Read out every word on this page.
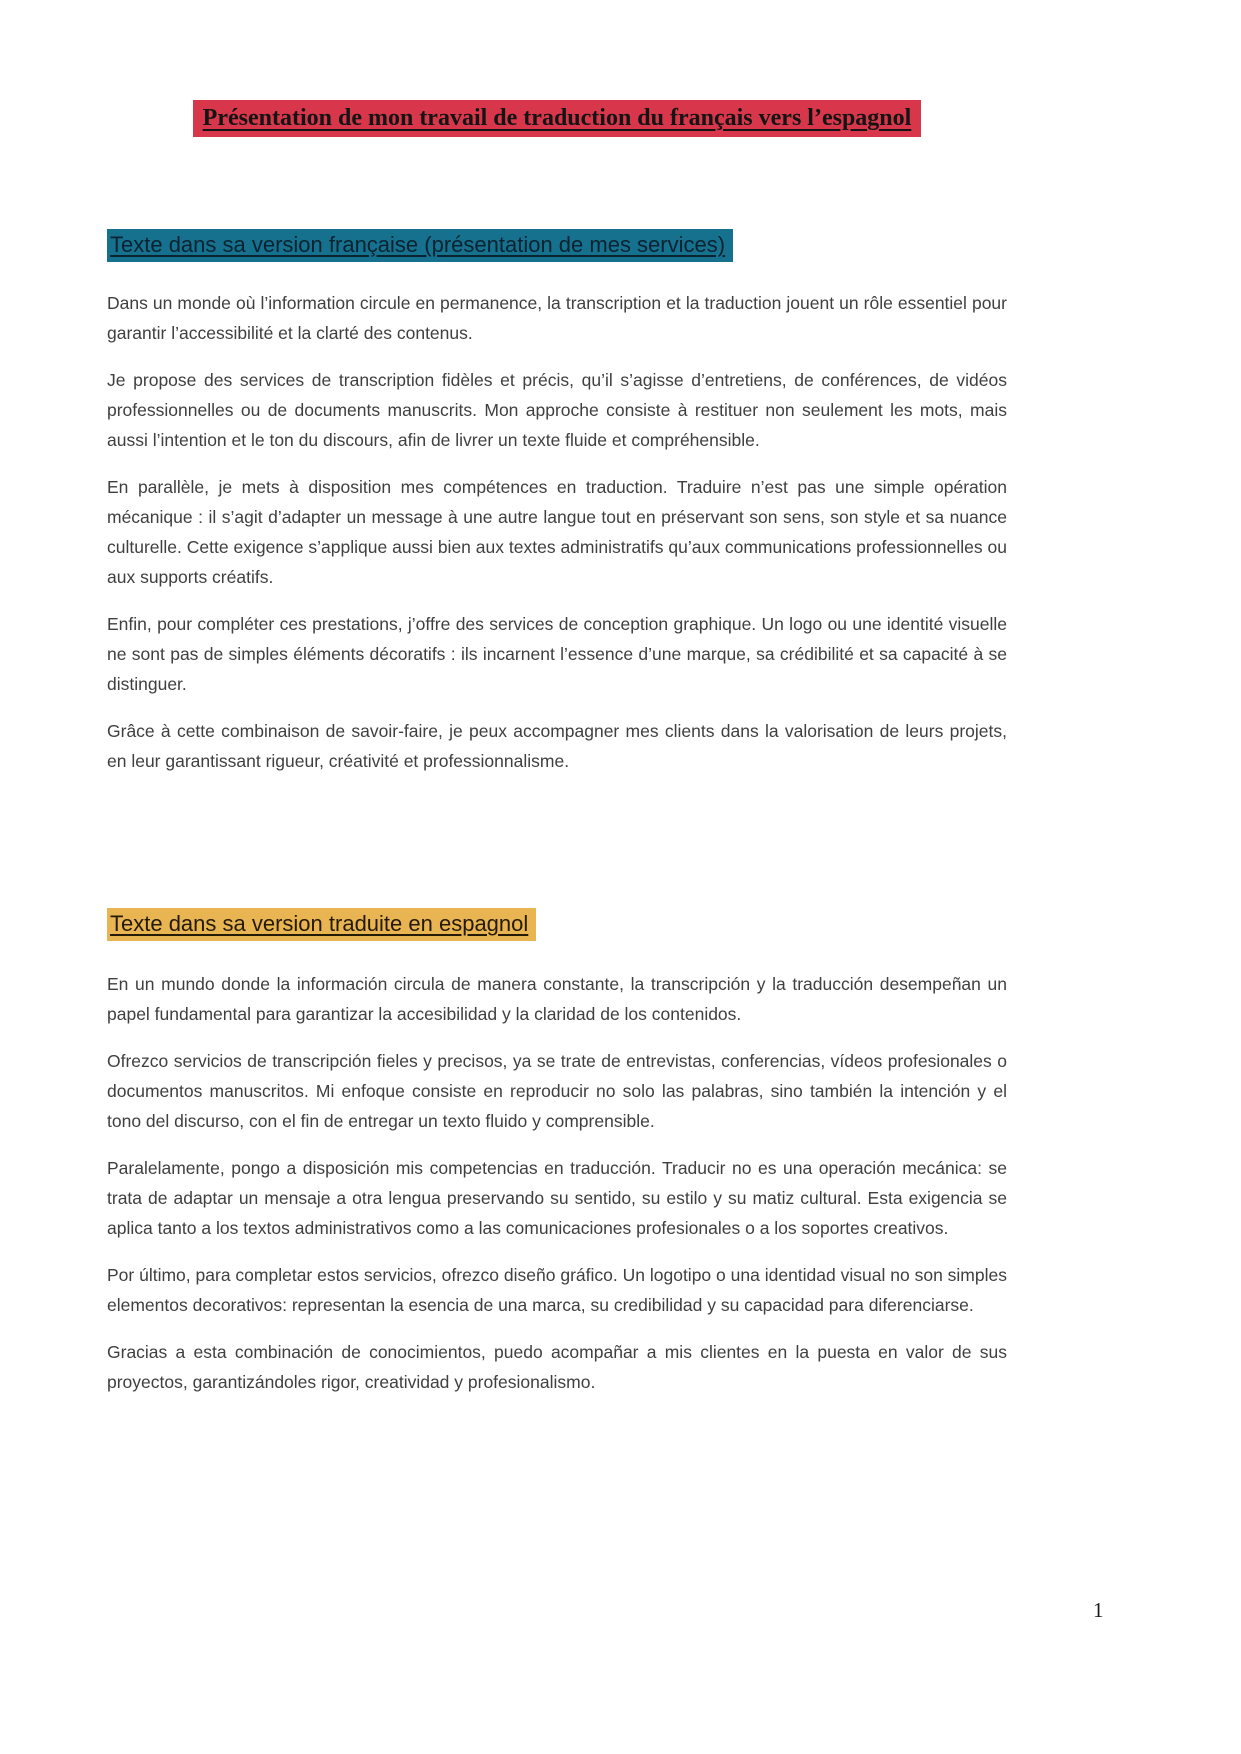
Présentation de mon travail de traduction du français vers l’espagnol
Texte dans sa version française (présentation de mes services)

Dans un monde où l’information circule en permanence, la transcription et la traduction jouent un rôle essentiel pour garantir l’accessibilité et la clarté des contenus.

Je propose des services de transcription fidèles et précis, qu’il s’agisse d’entretiens, de conférences, de vidéos professionnelles ou de documents manuscrits. Mon approche consiste à restituer non seulement les mots, mais aussi l’intention et le ton du discours, afin de livrer un texte fluide et compréhensible.

En parallèle, je mets à disposition mes compétences en traduction. Traduire n’est pas une simple opération mécanique : il s’agit d’adapter un message à une autre langue tout en préservant son sens, son style et sa nuance culturelle. Cette exigence s’applique aussi bien aux textes administratifs qu’aux communications professionnelles ou aux supports créatifs.

Enfin, pour compléter ces prestations, j’offre des services de conception graphique. Un logo ou une identité visuelle ne sont pas de simples éléments décoratifs : ils incarnent l’essence d’une marque, sa crédibilité et sa capacité à se distinguer.

Grâce à cette combinaison de savoir-faire, je peux accompagner mes clients dans la valorisation de leurs projets, en leur garantissant rigueur, créativité et professionnalisme.

Texte dans sa version traduite en espagnol

En un mundo donde la información circula de manera constante, la transcripción y la traducción desempeñan un papel fundamental para garantizar la accesibilidad y la claridad de los contenidos.

Ofrezco servicios de transcripción fieles y precisos, ya se trate de entrevistas, conferencias, vídeos profesionales o documentos manuscritos. Mi enfoque consiste en reproducir no solo las palabras, sino también la intención y el tono del discurso, con el fin de entregar un texto fluido y comprensible.

Paralelamente, pongo a disposición mis competencias en traducción. Traducir no es una operación mecánica: se trata de adaptar un mensaje a otra lengua preservando su sentido, su estilo y su matiz cultural. Esta exigencia se aplica tanto a los textos administrativos como a las comunicaciones profesionales o a los soportes creativos.

Por último, para completar estos servicios, ofrezco diseño gráfico. Un logotipo o una identidad visual no son simples elementos decorativos: representan la esencia de una marca, su credibilidad y su capacidad para diferenciarse.

Gracias a esta combinación de conocimientos, puedo acompañar a mis clientes en la puesta en valor de sus proyectos, garantizándoles rigor, creatividad y profesionalismo.

1
